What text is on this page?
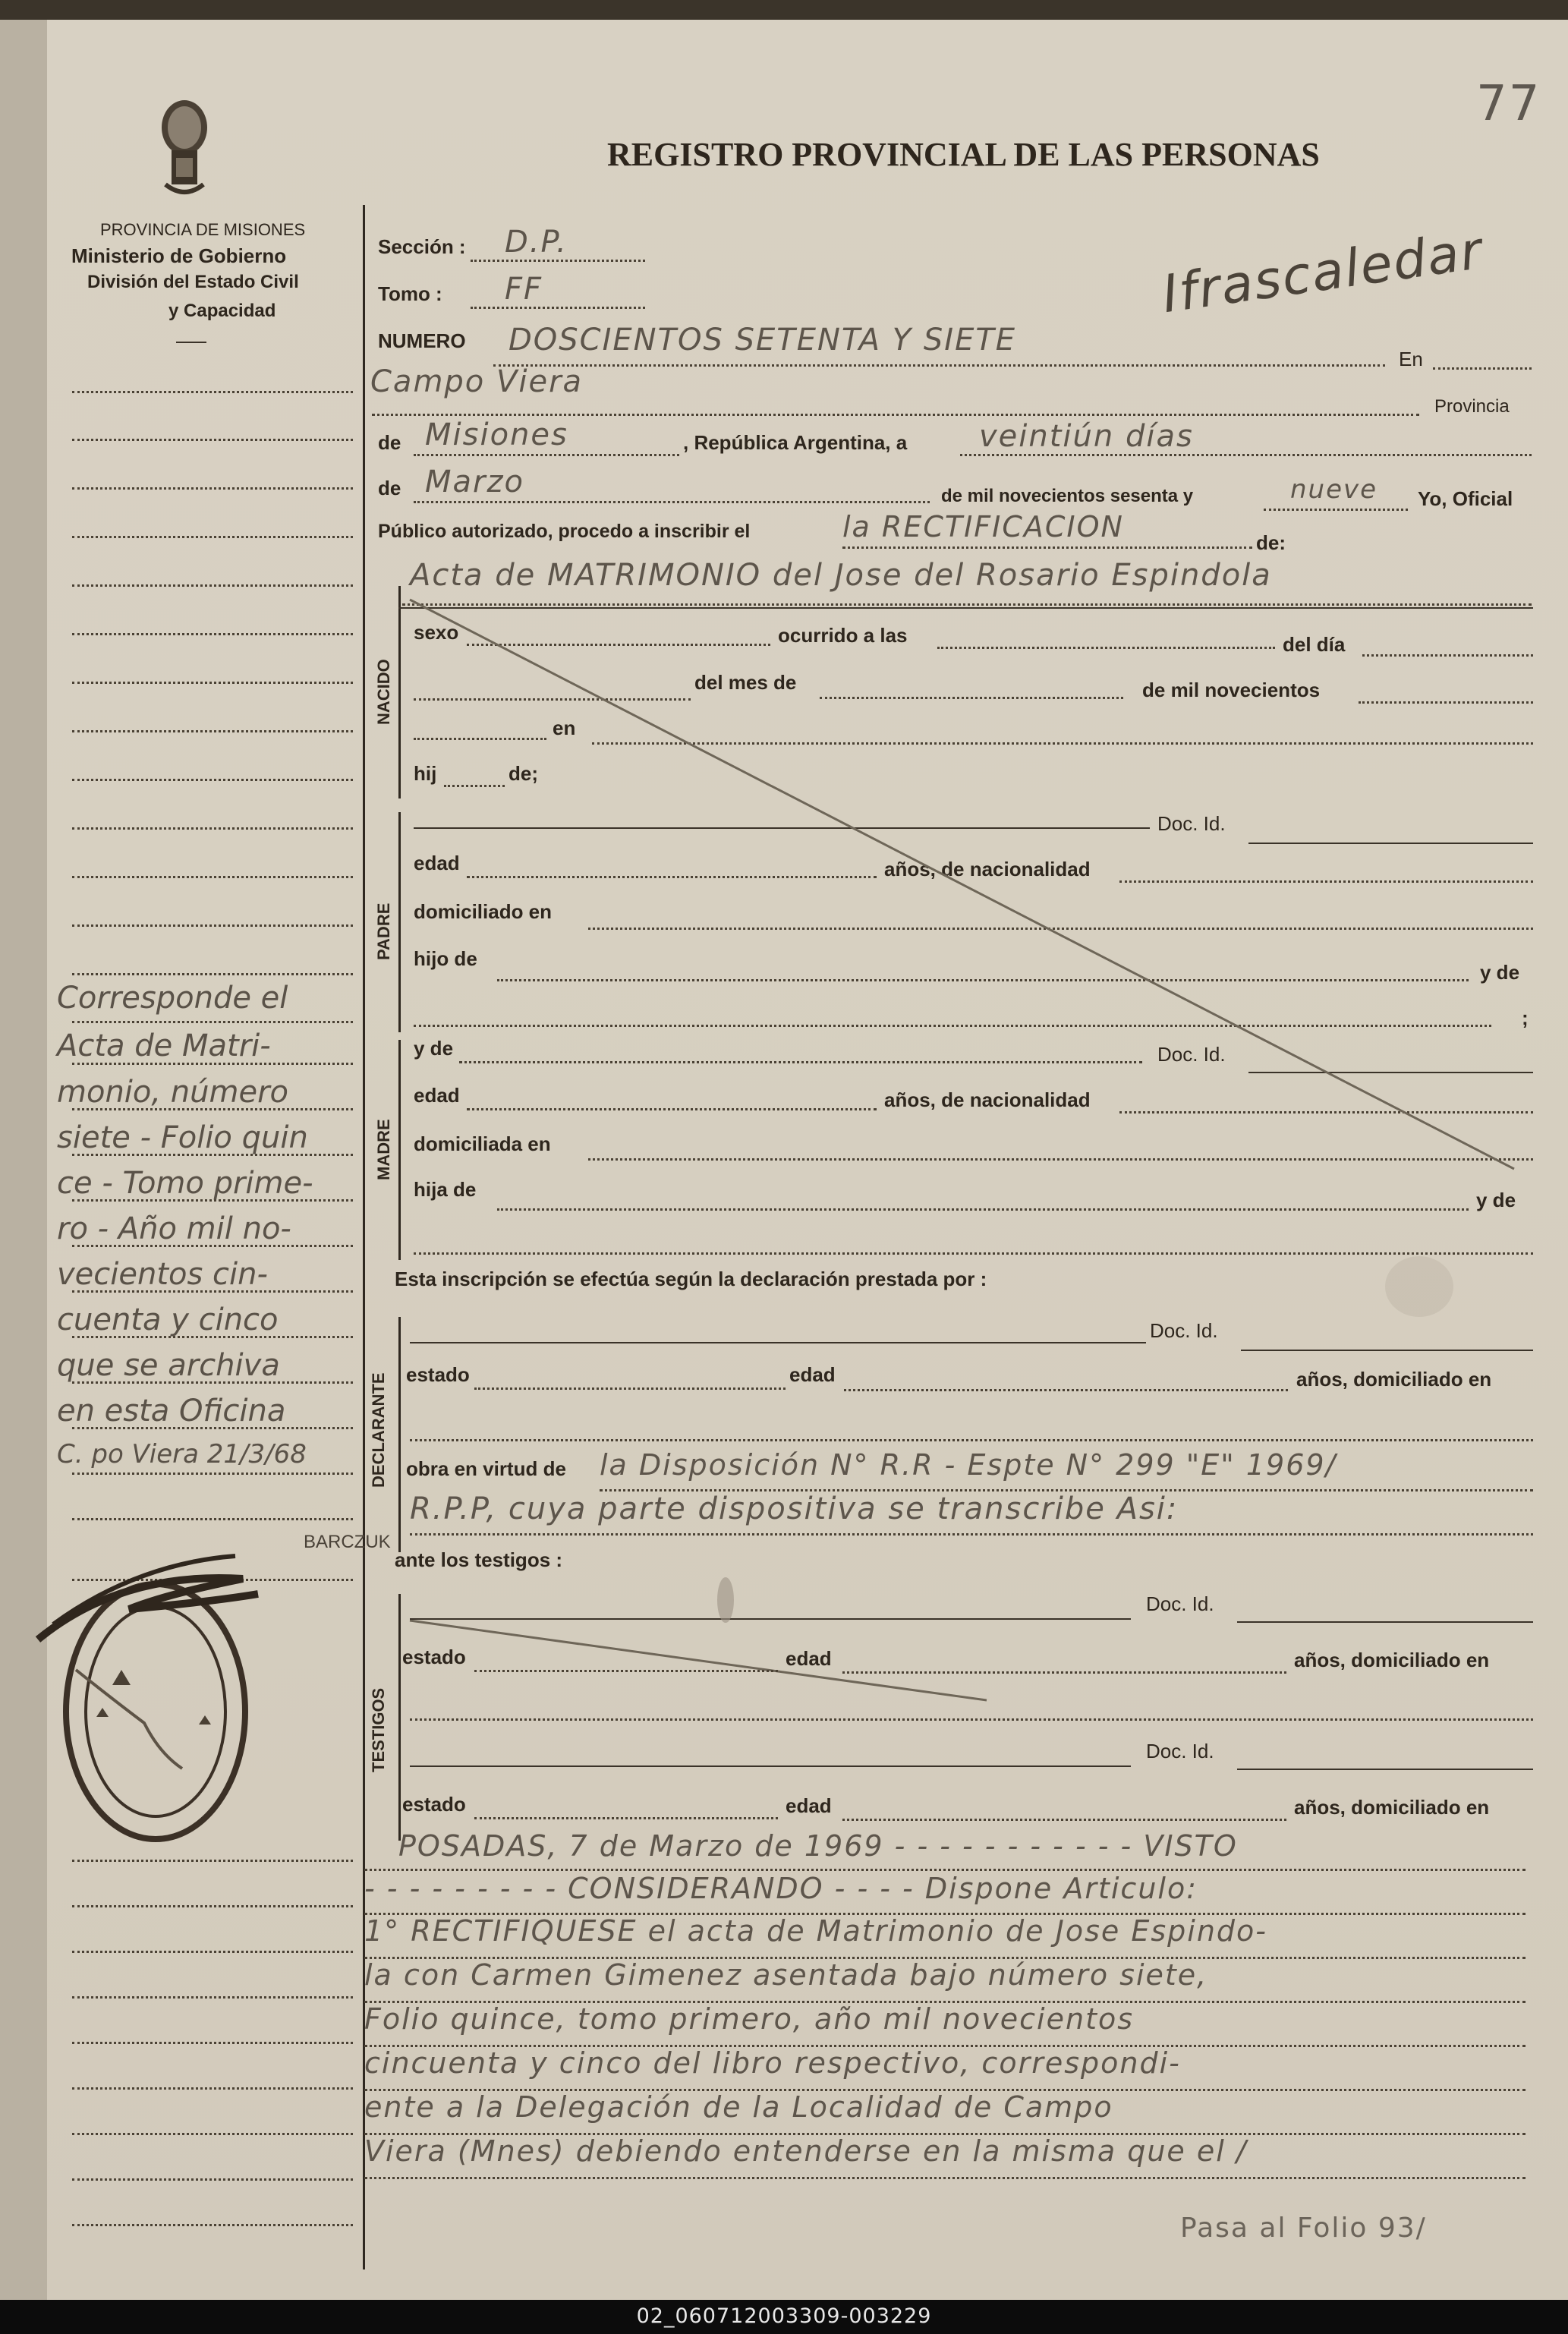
77
PROVINCIA DE MISIONES
Ministerio de Gobierno
División del Estado Civil
y Capacidad
REGISTRO PROVINCIAL DE LAS PERSONAS
Ifrascaledar
Sección : D.P.
Tomo : FF
NUMERO DOSCIENTOS SETENTA Y SIETE
En
Campo Viera
Provincia
de Misiones	, República Argentina, a veintiún días
de Marzo	de mil novecientos sesenta y	nueve Yo, Oficial
Público autorizado, procedo a inscribir el	la RECTIFICACION	de:
Acta de MATRIMONIO del Jose del Rosario Espindola
NACIDO
sexo	ocurrido a las	del día
del mes de	de mil novecientos
en
hij	de;
PADRE
Doc. Id.
edad	años, de nacionalidad
domiciliado en
hijo de
y de
;
MADRE
y de	Doc. Id.
edad	años, de nacionalidad
domiciliada en
hija de	y de
Esta inscripción se efectúa según la declaración prestada por :
DECLARANTE
Doc. Id.
estado	edad	años, domiciliado en
obra en virtud de la Disposición N° R.R - Espte N° 299 "E" 1969/
R.P.P, cuya parte dispositiva se transcribe Asi:
ante los testigos :
TESTIGOS
Doc. Id.
estado	edad	años, domiciliado en
Doc. Id.
estado	edad	años, domiciliado en
POSADAS, 7 de Marzo de 1969 - - - - - - - - - - - VISTO
- - - - - - - - - CONSIDERANDO - - - - Dispone Articulo:
1° RECTIFIQUESE el acta de Matrimonio de Jose Espindo-
la con Carmen Gimenez asentada bajo número siete,
Folio quince, tomo primero, año mil novecientos
cincuenta y cinco del libro respectivo, correspondi-
ente a la Delegación de la Localidad de Campo
Viera (Mnes) debiendo entenderse en la misma que el /
Pasa al Folio 93/
Corresponde el
Acta de Matri-
monio, número
siete - Folio quin
ce - Tomo prime-
ro - Año mil no-
vecientos cin-
cuenta y cinco
que se archiva
en esta Oficina
C. po Viera 21/3/68
BARCZUK
02_060712003309-003229
